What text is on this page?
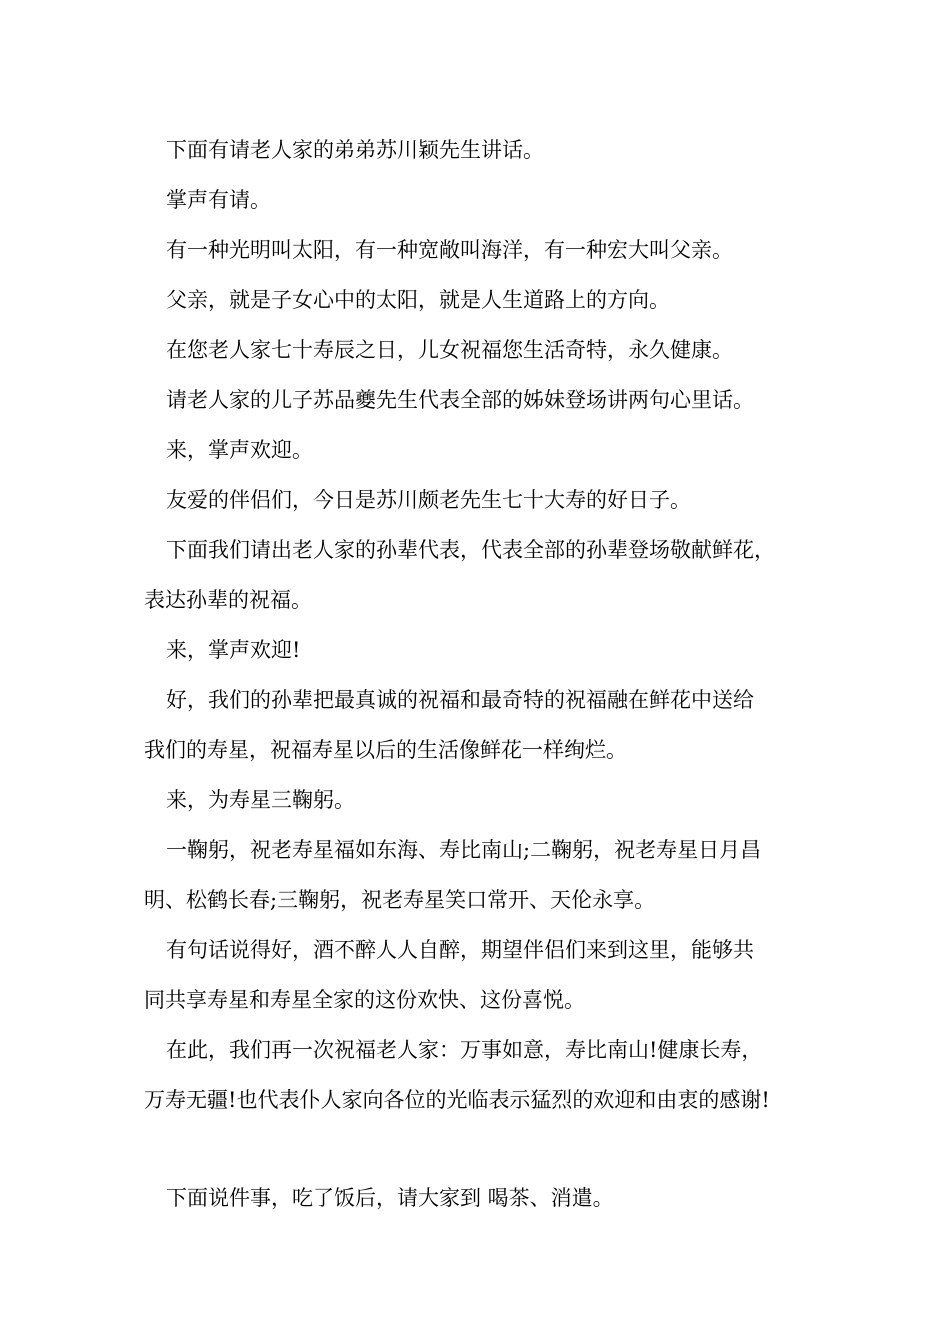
下面有请老人家的弟弟苏川颖先生讲话。
掌声有请。
有一种光明叫太阳，有一种宽敞叫海洋，有一种宏大叫父亲。
父亲，就是子女心中的太阳，就是人生道路上的方向。
在您老人家七十寿辰之日，儿女祝福您生活奇特，永久健康。
请老人家的儿子苏品夔先生代表全部的姊妹登场讲两句心里话。
来，掌声欢迎。
友爱的伴侣们，今日是苏川颇老先生七十大寿的好日子。
下面我们请出老人家的孙辈代表，代表全部的孙辈登场敬献鲜花，
表达孙辈的祝福。
来，掌声欢迎!
好，我们的孙辈把最真诚的祝福和最奇特的祝福融在鲜花中送给
我们的寿星，祝福寿星以后的生活像鲜花一样绚烂。
来，为寿星三鞠躬。
一鞠躬，祝老寿星福如东海、寿比南山;二鞠躬，祝老寿星日月昌
明、松鹤长春;三鞠躬，祝老寿星笑口常开、天伦永享。
有句话说得好，酒不醉人人自醉，期望伴侣们来到这里，能够共
同共享寿星和寿星全家的这份欢快、这份喜悦。
在此，我们再一次祝福老人家：万事如意，寿比南山!健康长寿，
万寿无疆!也代表仆人家向各位的光临表示猛烈的欢迎和由衷的感谢!
下面说件事，吃了饭后，请大家到 喝茶、消遣。
